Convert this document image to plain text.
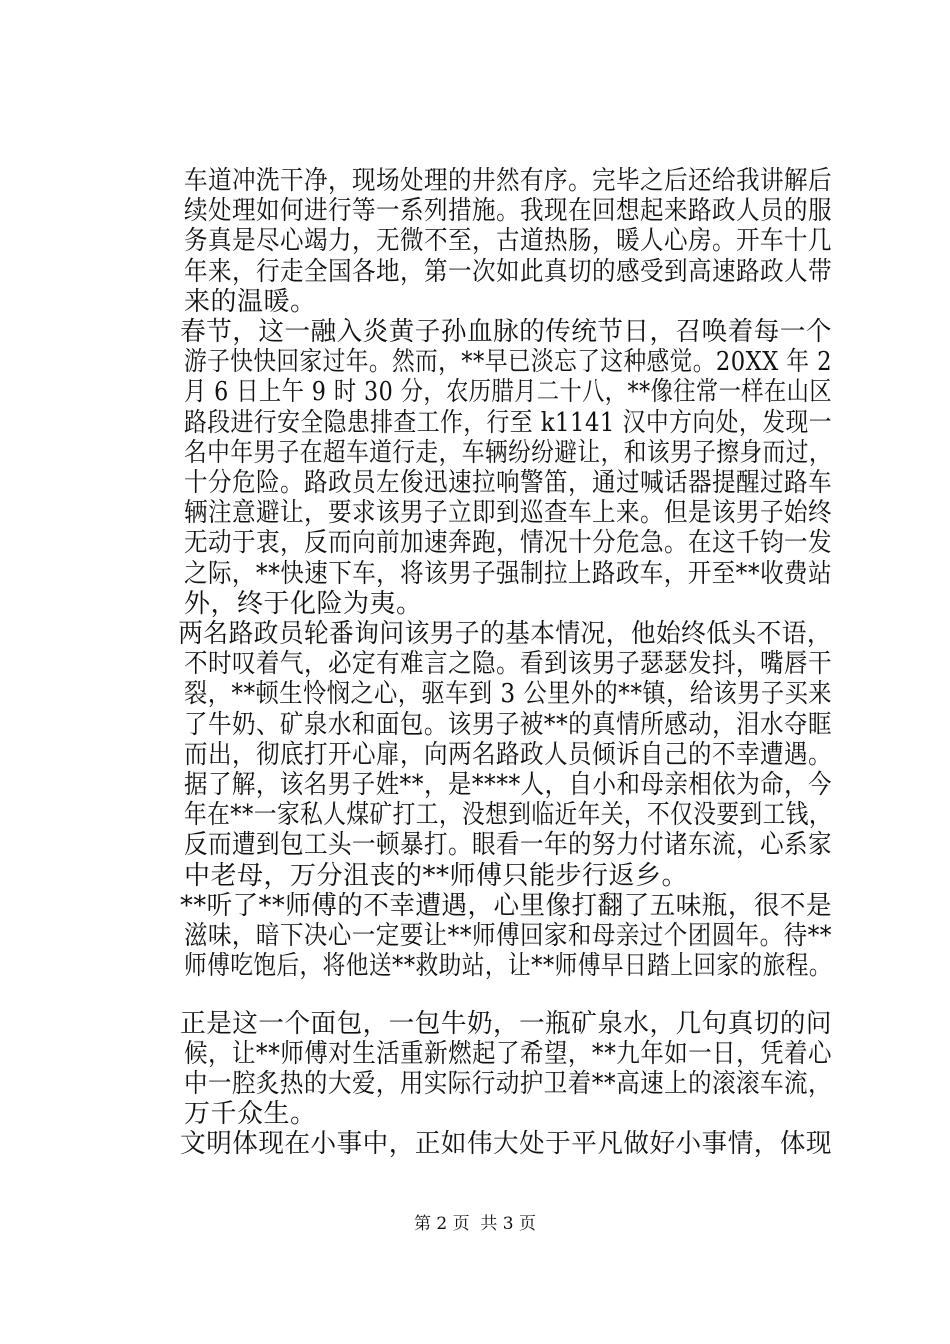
车道冲洗干净，现场处理的井然有序。完毕之后还给我讲解后
续处理如何进行等一系列措施。我现在回想起来路政人员的服
务真是尽心竭力，无微不至，古道热肠，暖人心房。开车十几
年来，行走全国各地，第一次如此真切的感受到高速路政人带
来的温暖。
　　春节，这一融入炎黄子孙血脉的传统节日，召唤着每一个
游子快快回家过年。然而，**早已淡忘了这种感觉。20XX 年 2
月 6 日上午 9 时 30 分，农历腊月二十八，**像往常一样在山区
路段进行安全隐患排查工作，行至 k1141 汉中方向处，发现一
名中年男子在超车道行走，车辆纷纷避让，和该男子擦身而过，
十分危险。路政员左俊迅速拉响警笛，通过喊话器提醒过路车
辆注意避让，要求该男子立即到巡查车上来。但是该男子始终
无动于衷，反而向前加速奔跑，情况十分危急。在这千钧一发
之际，**快速下车，将该男子强制拉上路政车，开至**收费站
外，终于化险为夷。
　　两名路政员轮番询问该男子的基本情况，他始终低头不语，
不时叹着气，必定有难言之隐。看到该男子瑟瑟发抖，嘴唇干
裂，**顿生怜悯之心，驱车到 3 公里外的**镇，给该男子买来
了牛奶、矿泉水和面包。该男子被**的真情所感动，泪水夺眶
而出，彻底打开心扉，向两名路政人员倾诉自己的不幸遭遇。
据了解，该名男子姓**，是****人，自小和母亲相依为命，今
年在**一家私人煤矿打工，没想到临近年关，不仅没要到工钱，
反而遭到包工头一顿暴打。眼看一年的努力付诸东流，心系家
中老母，万分沮丧的**师傅只能步行返乡。
　　**听了**师傅的不幸遭遇，心里像打翻了五味瓶，很不是
滋味，暗下决心一定要让**师傅回家和母亲过个团圆年。待**
师傅吃饱后，将他送**救助站，让**师傅早日踏上回家的旅程。
　　正是这一个面包，一包牛奶，一瓶矿泉水，几句真切的问
候，让**师傅对生活重新燃起了希望，**九年如一日，凭着心
中一腔炙热的大爱，用实际行动护卫着**高速上的滚滚车流，
万千众生。
　　文明体现在小事中，正如伟大处于平凡做好小事情，体现
第 2 页  共 3 页
